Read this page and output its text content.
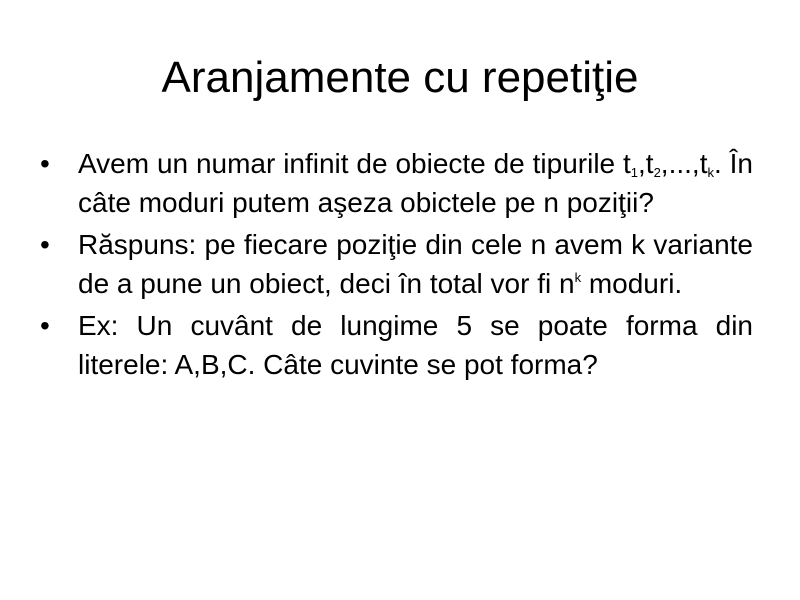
Aranjamente cu repetiţie
• Avem un numar infinit de obiecte de tipurile $t_1,t_2,...,t_k$. În câte moduri putem aşeza obictele pe n poziţii?
• Răspuns: pe fiecare poziţie din cele n avem k variante de a pune un obiect, deci în total vor fi $n^k$ moduri.
• Ex: Un cuvânt de lungime 5 se poate forma din literele: A,B,C. Câte cuvinte se pot forma?
